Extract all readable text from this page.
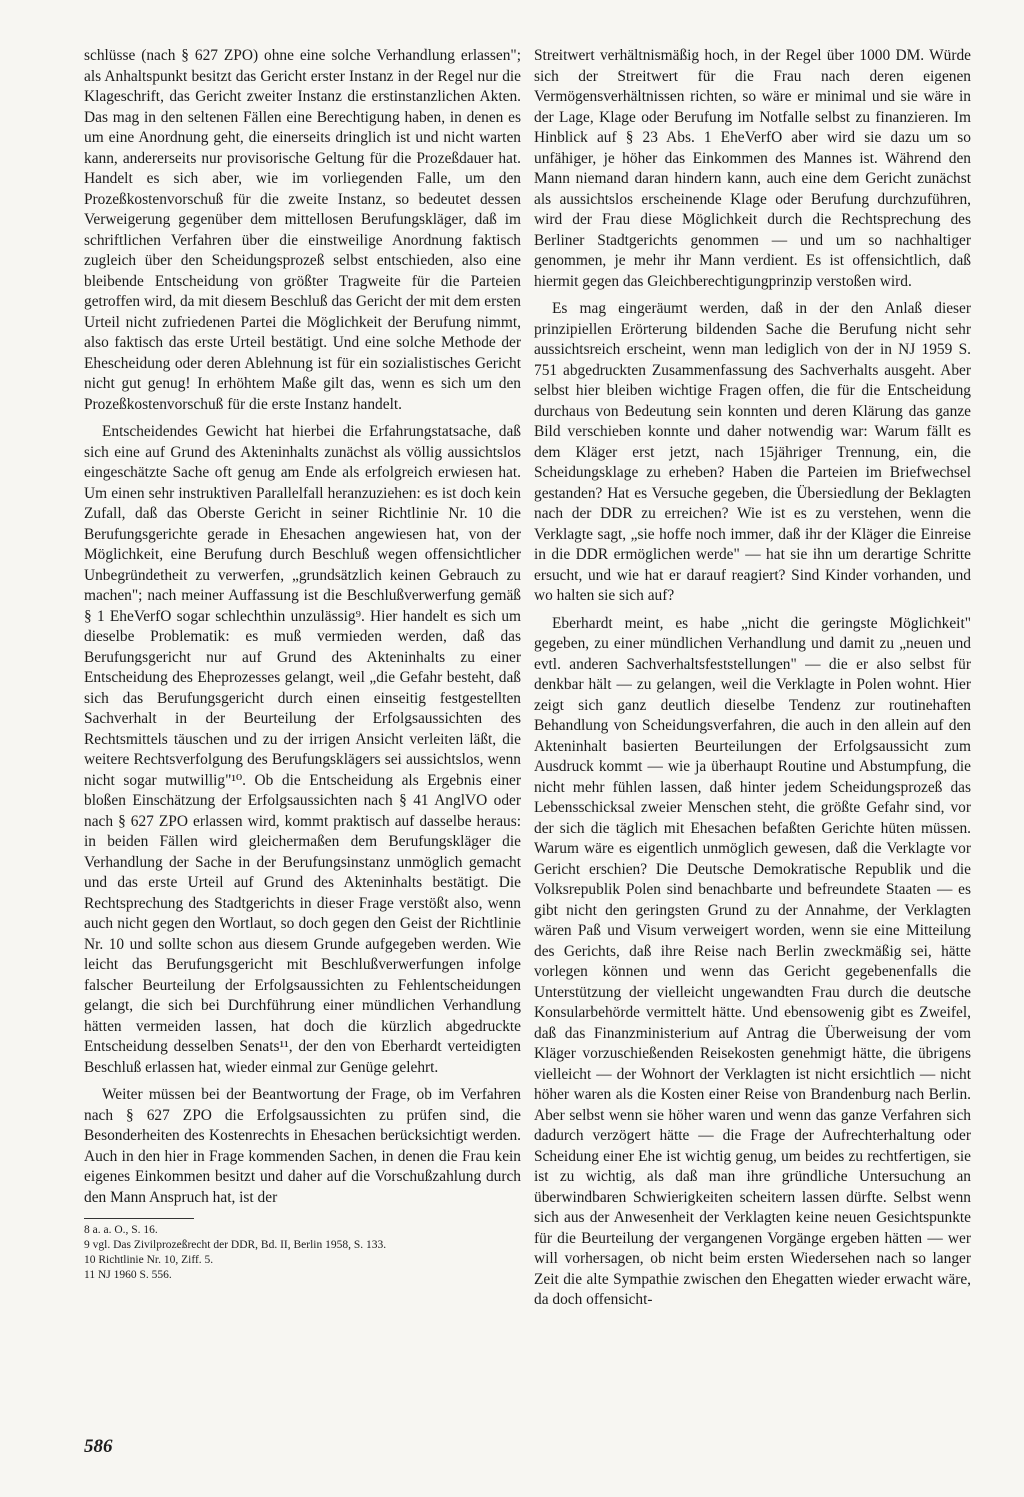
schlüsse (nach § 627 ZPO) ohne eine solche Verhandlung erlassen"; als Anhaltspunkt besitzt das Gericht erster Instanz in der Regel nur die Klageschrift, das Gericht zweiter Instanz die erstinstanzlichen Akten. Das mag in den seltenen Fällen eine Berechtigung haben, in denen es um eine Anordnung geht, die einerseits dringlich ist und nicht warten kann, andererseits nur provisorische Geltung für die Prozeßdauer hat. Handelt es sich aber, wie im vorliegenden Falle, um den Prozeßkostenvorschuß für die zweite Instanz, so bedeutet dessen Verweigerung gegenüber dem mittellosen Berufungskläger, daß im schriftlichen Verfahren über die einstweilige Anordnung faktisch zugleich über den Scheidungsprozeß selbst entschieden, also eine bleibende Entscheidung von größter Tragweite für die Parteien getroffen wird, da mit diesem Beschluß das Gericht der mit dem ersten Urteil nicht zufriedenen Partei die Möglichkeit der Berufung nimmt, also faktisch das erste Urteil bestätigt. Und eine solche Methode der Ehescheidung oder deren Ablehnung ist für ein sozialistisches Gericht nicht gut genug! In erhöhtem Maße gilt das, wenn es sich um den Prozeßkostenvorschuß für die erste Instanz handelt.

Entscheidendes Gewicht hat hierbei die Erfahrungstatsache, daß sich eine auf Grund des Akteninhalts zunächst als völlig aussichtslos eingeschätzte Sache oft genug am Ende als erfolgreich erwiesen hat. Um einen sehr instruktiven Parallelfall heranzuziehen: es ist doch kein Zufall, daß das Oberste Gericht in seiner Richtlinie Nr. 10 die Berufungsgerichte gerade in Ehesachen angewiesen hat, von der Möglichkeit, eine Berufung durch Beschluß wegen offensichtlicher Unbegründetheit zu verwerfen, „grundsätzlich keinen Gebrauch zu machen"; nach meiner Auffassung ist die Beschlußverwerfung gemäß § 1 EheVerfO sogar schlechthin unzulässig⁹. Hier handelt es sich um dieselbe Problematik: es muß vermieden werden, daß das Berufungsgericht nur auf Grund des Akteninhalts zu einer Entscheidung des Eheprozesses gelangt, weil „die Gefahr besteht, daß sich das Berufungsgericht durch einen einseitig festgestellten Sachverhalt in der Beurteilung der Erfolgsaussichten des Rechtsmittels täuschen und zu der irrigen Ansicht verleiten läßt, die weitere Rechtsverfolgung des Berufungsklägers sei aussichtslos, wenn nicht sogar mutwillig"¹⁰. Ob die Entscheidung als Ergebnis einer bloßen Einschätzung der Erfolgsaussichten nach § 41 AnglVO oder nach § 627 ZPO erlassen wird, kommt praktisch auf dasselbe heraus: in beiden Fällen wird gleichermaßen dem Berufungskläger die Verhandlung der Sache in der Berufungsinstanz unmöglich gemacht und das erste Urteil auf Grund des Akteninhalts bestätigt. Die Rechtsprechung des Stadtgerichts in dieser Frage verstößt also, wenn auch nicht gegen den Wortlaut, so doch gegen den Geist der Richtlinie Nr. 10 und sollte schon aus diesem Grunde aufgegeben werden. Wie leicht das Berufungsgericht mit Beschlußverwerfungen infolge falscher Beurteilung der Erfolgsaussichten zu Fehlentscheidungen gelangt, die sich bei Durchführung einer mündlichen Verhandlung hätten vermeiden lassen, hat doch die kürzlich abgedruckte Entscheidung desselben Senats¹¹, der den von Eberhardt verteidigten Beschluß erlassen hat, wieder einmal zur Genüge gelehrt.

Weiter müssen bei der Beantwortung der Frage, ob im Verfahren nach § 627 ZPO die Erfolgsaussichten zu prüfen sind, die Besonderheiten des Kostenrechts in Ehesachen berücksichtigt werden. Auch in den hier in Frage kommenden Sachen, in denen die Frau kein eigenes Einkommen besitzt und daher auf die Vorschußzahlung durch den Mann Anspruch hat, ist der

8 a. a. O., S. 16.
9 vgl. Das Zivilprozeßrecht der DDR, Bd. II, Berlin 1958, S. 133.
10 Richtlinie Nr. 10, Ziff. 5.
11 NJ 1960 S. 556.

Streitwert verhältnismäßig hoch, in der Regel über 1000 DM. Würde sich der Streitwert für die Frau nach deren eigenen Vermögensverhältnissen richten, so wäre er minimal und sie wäre in der Lage, Klage oder Berufung im Notfalle selbst zu finanzieren. Im Hinblick auf § 23 Abs. 1 EheVerfO aber wird sie dazu um so unfähiger, je höher das Einkommen des Mannes ist. Während den Mann niemand daran hindern kann, auch eine dem Gericht zunächst als aussichtslos erscheinende Klage oder Berufung durchzuführen, wird der Frau diese Möglichkeit durch die Rechtsprechung des Berliner Stadtgerichts genommen — und um so nachhaltiger genommen, je mehr ihr Mann verdient. Es ist offensichtlich, daß hiermit gegen das Gleichberechtigungprinzip verstoßen wird.

Es mag eingeräumt werden, daß in der den Anlaß dieser prinzipiellen Erörterung bildenden Sache die Berufung nicht sehr aussichtsreich erscheint, wenn man lediglich von der in NJ 1959 S. 751 abgedruckten Zusammenfassung des Sachverhalts ausgeht. Aber selbst hier bleiben wichtige Fragen offen, die für die Entscheidung durchaus von Bedeutung sein konnten und deren Klärung das ganze Bild verschieben konnte und daher notwendig war: Warum fällt es dem Kläger erst jetzt, nach 15jähriger Trennung, ein, die Scheidungsklage zu erheben? Haben die Parteien im Briefwechsel gestanden? Hat es Versuche gegeben, die Übersiedlung der Beklagten nach der DDR zu erreichen? Wie ist es zu verstehen, wenn die Verklagte sagt, „sie hoffe noch immer, daß ihr der Kläger die Einreise in die DDR ermöglichen werde" — hat sie ihn um derartige Schritte ersucht, und wie hat er darauf reagiert? Sind Kinder vorhanden, und wo halten sie sich auf?

Eberhardt meint, es habe „nicht die geringste Möglichkeit" gegeben, zu einer mündlichen Verhandlung und damit zu „neuen und evtl. anderen Sachverhaltsfeststellungen" — die er also selbst für denkbar hält — zu gelangen, weil die Verklagte in Polen wohnt. Hier zeigt sich ganz deutlich dieselbe Tendenz zur routinehaften Behandlung von Scheidungsverfahren, die auch in den allein auf den Akteninhalt basierten Beurteilungen der Erfolgsaussicht zum Ausdruck kommt — wie ja überhaupt Routine und Abstumpfung, die nicht mehr fühlen lassen, daß hinter jedem Scheidungsprozeß das Lebensschicksal zweier Menschen steht, die größte Gefahr sind, vor der sich die täglich mit Ehesachen befaßten Gerichte hüten müssen. Warum wäre es eigentlich unmöglich gewesen, daß die Verklagte vor Gericht erschien? Die Deutsche Demokratische Republik und die Volksrepublik Polen sind benachbarte und befreundete Staaten — es gibt nicht den geringsten Grund zu der Annahme, der Verklagten wären Paß und Visum verweigert worden, wenn sie eine Mitteilung des Gerichts, daß ihre Reise nach Berlin zweckmäßig sei, hätte vorlegen können und wenn das Gericht gegebenenfalls die Unterstützung der vielleicht ungewandten Frau durch die deutsche Konsularbehörde vermittelt hätte. Und ebensowenig gibt es Zweifel, daß das Finanzministerium auf Antrag die Überweisung der vom Kläger vorzuschießenden Reisekosten genehmigt hätte, die übrigens vielleicht — der Wohnort der Verklagten ist nicht ersichtlich — nicht höher waren als die Kosten einer Reise von Brandenburg nach Berlin. Aber selbst wenn sie höher waren und wenn das ganze Verfahren sich dadurch verzögert hätte — die Frage der Aufrechterhaltung oder Scheidung einer Ehe ist wichtig genug, um beides zu rechtfertigen, sie ist zu wichtig, als daß man ihre gründliche Untersuchung an überwindbaren Schwierigkeiten scheitern lassen dürfte. Selbst wenn sich aus der Anwesenheit der Verklagten keine neuen Gesichtspunkte für die Beurteilung der vergangenen Vorgänge ergeben hätten — wer will vorhersagen, ob nicht beim ersten Wiedersehen nach so langer Zeit die alte Sympathie zwischen den Ehegatten wieder erwacht wäre, da doch offensicht-

586
